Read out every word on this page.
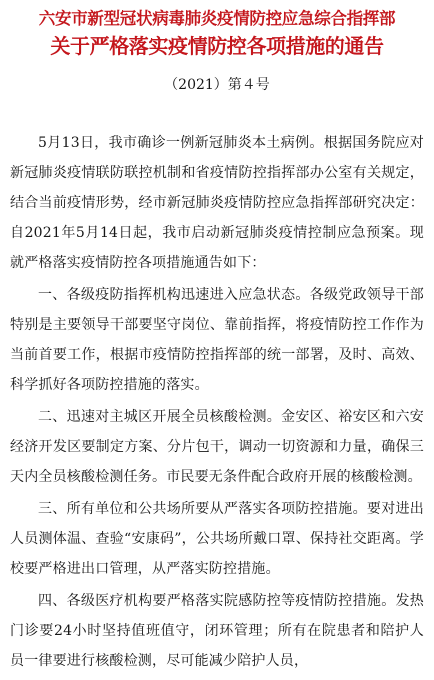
六安市新型冠状病毒肺炎疫情防控应急综合指挥部
关于严格落实疫情防控各项措施的通告
（2021）第４号

5月13日，我市确诊一例新冠肺炎本土病例。根据国务院应对新冠肺炎疫情联防联控机制和省疫情防控指挥部办公室有关规定，结合当前疫情形势，经市新冠肺炎疫情防控应急指挥部研究决定：自2021年5月14日起，我市启动新冠肺炎疫情控制应急预案。现就严格落实疫情防控各项措施通告如下：

一、各级疫防指挥机构迅速进入应急状态。各级党政领导干部特别是主要领导干部要坚守岗位、靠前指挥，将疫情防控工作作为当前首要工作，根据市疫情防控指挥部的统一部署，及时、高效、科学抓好各项防控措施的落实。

二、迅速对主城区开展全员核酸检测。金安区、裕安区和六安经济开发区要制定方案、分片包干，调动一切资源和力量，确保三天内全员核酸检测任务。市民要无条件配合政府开展的核酸检测。

三、所有单位和公共场所要从严落实各项防控措施。要对进出人员测体温、查验“安康码”，公共场所戴口罩、保持社交距离。学校要严格进出口管理，从严落实防控措施。

四、各级医疗机构要严格落实院感防控等疫情防控措施。发热门诊要24小时坚持值班值守，闭环管理；所有在院患者和陪护人员一律要进行核酸检测，尽可能减少陪护人员，
